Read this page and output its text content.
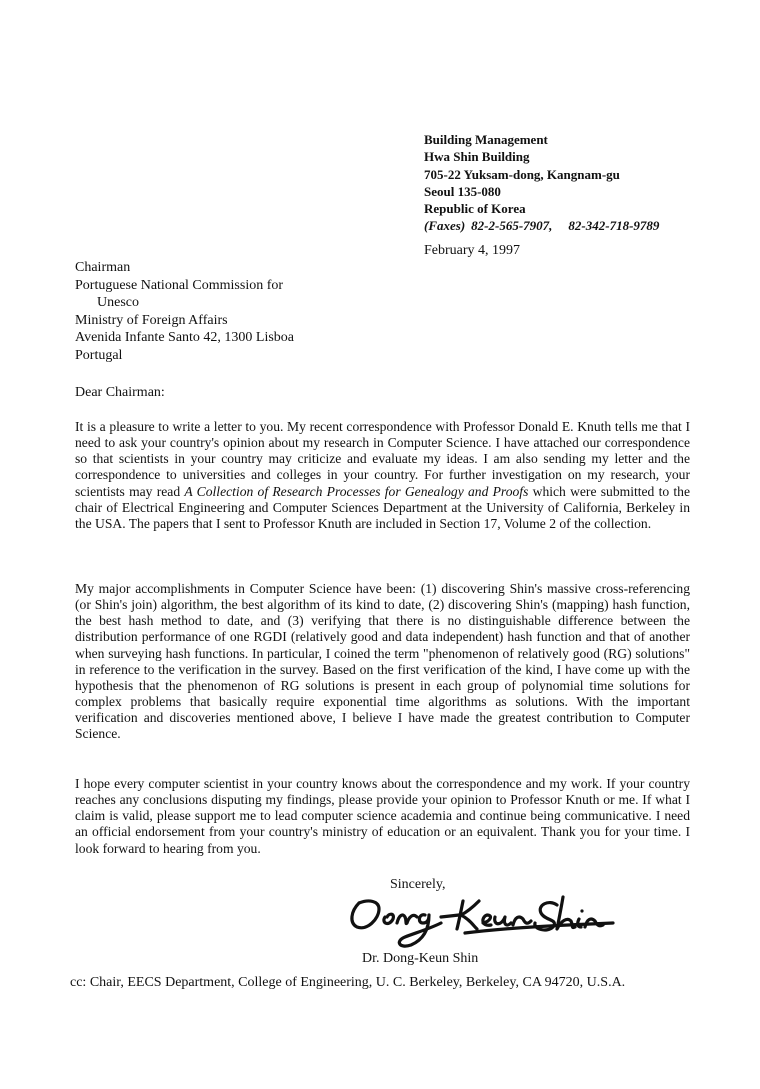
Building Management
Hwa Shin Building
705-22 Yuksam-dong, Kangnam-gu
Seoul 135-080
Republic of Korea
(Faxes) 82-2-565-7907, 82-342-718-9789
February 4, 1997
Chairman
Portuguese National Commission for
Unesco
Ministry of Foreign Affairs
Avenida Infante Santo 42, 1300 Lisboa
Portugal
Dear Chairman:
It is a pleasure to write a letter to you. My recent correspondence with Professor Donald E. Knuth tells me that I need to ask your country's opinion about my research in Computer Science. I have attached our correspondence so that scientists in your country may criticize and evaluate my ideas. I am also sending my letter and the correspondence to universities and colleges in your country. For further investigation on my research, your scientists may read A Collection of Research Processes for Genealogy and Proofs which were submitted to the chair of Electrical Engineering and Computer Sciences Department at the University of California, Berkeley in the USA. The papers that I sent to Professor Knuth are included in Section 17, Volume 2 of the collection.
My major accomplishments in Computer Science have been: (1) discovering Shin's massive cross-referencing (or Shin's join) algorithm, the best algorithm of its kind to date, (2) discovering Shin's (mapping) hash function, the best hash method to date, and (3) verifying that there is no distinguishable difference between the distribution performance of one RGDI (relatively good and data independent) hash function and that of another when surveying hash functions. In particular, I coined the term "phenomenon of relatively good (RG) solutions" in reference to the verification in the survey. Based on the first verification of the kind, I have come up with the hypothesis that the phenomenon of RG solutions is present in each group of polynomial time solutions for complex problems that basically require exponential time algorithms as solutions. With the important verification and discoveries mentioned above, I believe I have made the greatest contribution to Computer Science.
I hope every computer scientist in your country knows about the correspondence and my work. If your country reaches any conclusions disputing my findings, please provide your opinion to Professor Knuth or me. If what I claim is valid, please support me to lead computer science academia and continue being communicative. I need an official endorsement from your country's ministry of education or an equivalent. Thank you for your time. I look forward to hearing from you.
Sincerely,
Dr. Dong-Keun Shin
cc: Chair, EECS Department, College of Engineering, U. C. Berkeley, Berkeley, CA 94720, U.S.A.
